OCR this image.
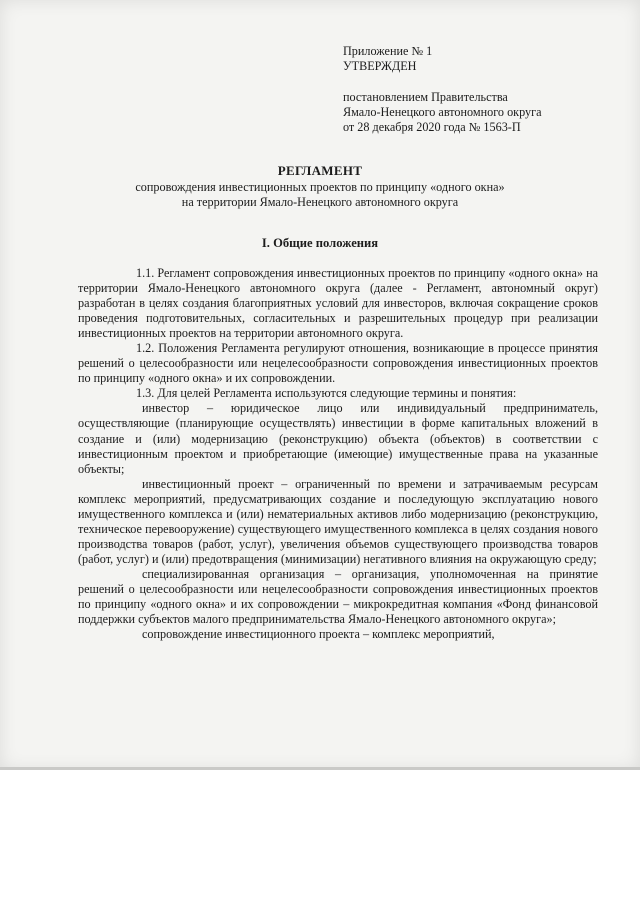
Приложение № 1
УТВЕРЖДЕН
постановлением Правительства
Ямало-Ненецкого автономного округа
от 28 декабря 2020 года № 1563-П
РЕГЛАМЕНТ
сопровождения инвестиционных проектов по принципу «одного окна»
на территории Ямало-Ненецкого автономного округа
I. Общие положения

1.1. Регламент сопровождения инвестиционных проектов по принципу «одного окна» на территории Ямало-Ненецкого автономного округа (далее - Регламент, автономный округ) разработан в целях создания благоприятных условий для инвесторов, включая сокращение сроков проведения подготовительных, согласительных и разрешительных процедур при реализации инвестиционных проектов на территории автономного округа.

1.2. Положения Регламента регулируют отношения, возникающие в процессе принятия решений о целесообразности или нецелесообразности сопровождения инвестиционных проектов по принципу «одного окна» и их сопровождении.

1.3. Для целей Регламента используются следующие термины и понятия:

инвестор – юридическое лицо или индивидуальный предприниматель, осуществляющие (планирующие осуществлять) инвестиции в форме капитальных вложений в создание и (или) модернизацию (реконструкцию) объекта (объектов) в соответствии с инвестиционным проектом и приобретающие (имеющие) имущественные права на указанные объекты;

инвестиционный проект – ограниченный по времени и затрачиваемым ресурсам комплекс мероприятий, предусматривающих создание и последующую эксплуатацию нового имущественного комплекса и (или) нематериальных активов либо модернизацию (реконструкцию, техническое перевооружение) существующего имущественного комплекса в целях создания нового производства товаров (работ, услуг), увеличения объемов существующего производства товаров (работ, услуг) и (или) предотвращения (минимизации) негативного влияния на окружающую среду;

специализированная организация – организация, уполномоченная на принятие решений о целесообразности или нецелесообразности сопровождения инвестиционных проектов по принципу «одного окна» и их сопровождении – микрокредитная компания «Фонд финансовой поддержки субъектов малого предпринимательства Ямало-Ненецкого автономного округа»;

сопровождение инвестиционного проекта – комплекс мероприятий,
